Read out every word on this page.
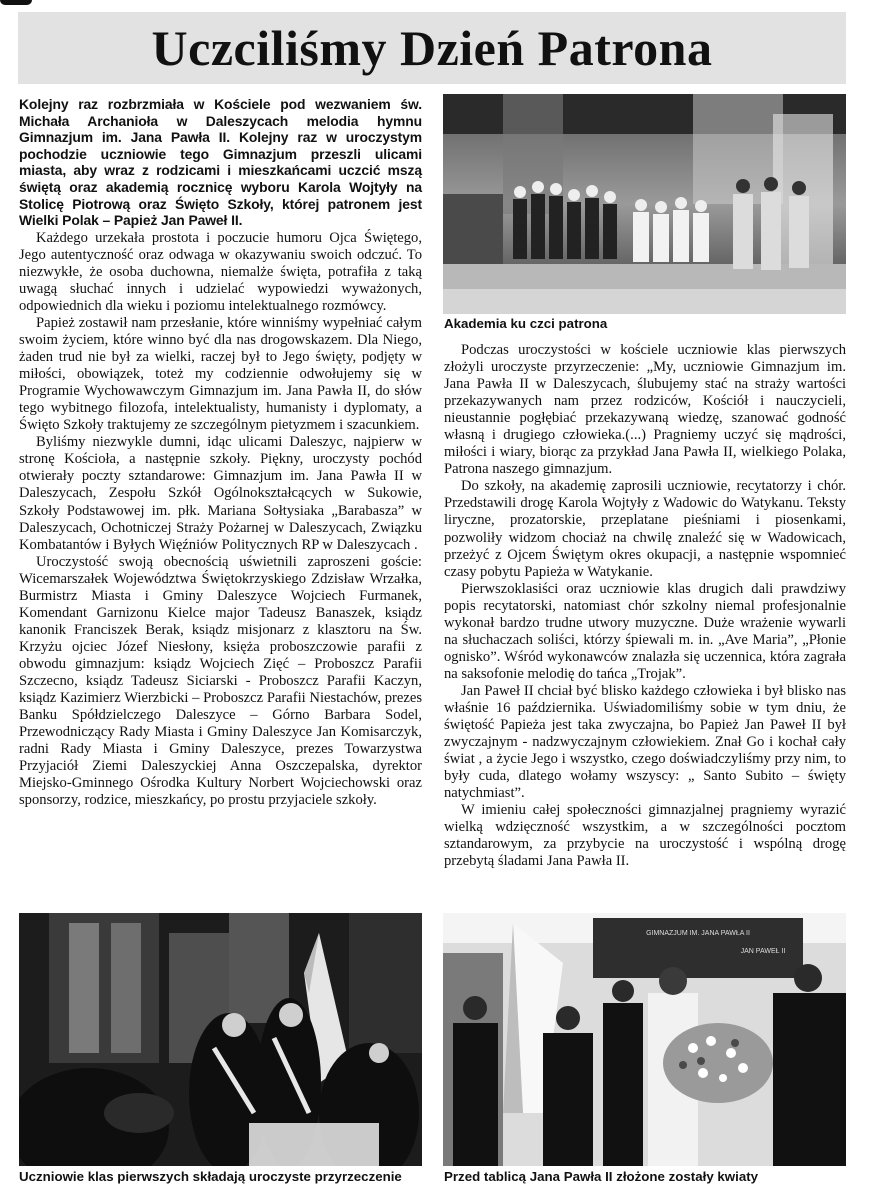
Uczciliśmy Dzień Patrona

Kolejny raz rozbrzmiała w Kościele pod wezwaniem św. Michała Archanioła w Daleszycach melodia hymnu Gimnazjum im. Jana Pawła II. Kolejny raz w uroczystym pochodzie uczniowie tego Gimnazjum przeszli ulicami miasta, aby wraz z rodzicami i mieszkańcami uczcić mszą świętą oraz akademią rocznicę wyboru Karola Wojtyły na Stolicę Piotrową oraz Święto Szkoły, której patronem jest Wielki Polak – Papież Jan Paweł II.

Każdego urzekała prostota i poczucie humoru Ojca Świętego, Jego autentyczność oraz odwaga w okazywaniu swoich odczuć. To niezwykłe, że osoba duchowna, niemalże święta, potrafiła z taką uwagą słuchać innych i udzielać wypowiedzi wyważonych, odpowiednich dla wieku i poziomu intelektualnego rozmówcy.

Papież zostawił nam przesłanie, które winniśmy wypełniać całym swoim życiem, które winno być dla nas drogowskazem. Dla Niego, żaden trud nie był za wielki, raczej był to Jego święty, podjęty w miłości, obowiązek, toteż my codziennie odwołujemy się w Programie Wychowawczym Gimnazjum im. Jana Pawła II, do słów tego wybitnego filozofa, intelektualisty, humanisty i dyplomaty, a Święto Szkoły traktujemy ze szczególnym pietyzmem i szacunkiem.

Byliśmy niezwykle dumni, idąc ulicami Daleszyc, najpierw w stronę Kościoła, a następnie szkoły. Piękny, uroczysty pochód otwierały poczty sztandarowe: Gimnazjum im. Jana Pawła II w Daleszycach, Zespołu Szkół Ogólnokształcących w Sukowie, Szkoły Podstawowej im. płk. Mariana Sołtysiaka „Barabasza” w Daleszycach, Ochotniczej Straży Pożarnej w Daleszycach, Związku Kombatantów i Byłych Więźniów Politycznych RP w Daleszycach .

Uroczystość swoją obecnością uświetnili zaproszeni goście: Wicemarszałek Województwa Świętokrzyskiego Zdzisław Wrzałka, Burmistrz Miasta i Gminy Daleszyce Wojciech Furmanek, Komendant Garnizonu Kielce major Tadeusz Banaszek, ksiądz kanonik Franciszek Berak, ksiądz misjonarz z klasztoru na Św. Krzyżu ojciec Józef Niesłony, księża proboszczowie parafii z obwodu gimnazjum: ksiądz Wojciech Zięć – Proboszcz Parafii Szczecno, ksiądz Tadeusz Siciarski - Proboszcz Parafii Kaczyn, ksiądz Kazimierz Wierzbicki – Proboszcz Parafii Niestachów, prezes Banku Spółdzielczego Daleszyce – Górno Barbara Sodel, Przewodniczący Rady Miasta i Gminy Daleszyce Jan Komisarczyk, radni Rady Miasta i Gminy Daleszyce, prezes Towarzystwa Przyjaciół Ziemi Daleszyckiej Anna Oszczepalska, dyrektor Miejsko-Gminnego Ośrodka Kultury Norbert Wojciechowski oraz sponsorzy, rodzice, mieszkańcy, po prostu przyjaciele szkoły.

Podczas uroczystości w kościele uczniowie klas pierwszych złożyli uroczyste przyrzeczenie: „My, uczniowie Gimnazjum im. Jana Pawła II w Daleszycach, ślubujemy stać na straży wartości przekazywanych nam przez rodziców, Kościół i nauczycieli, nieustannie pogłębiać przekazywaną wiedzę, szanować godność własną i drugiego człowieka.(...) Pragniemy uczyć się mądrości, miłości i wiary, biorąc za przykład Jana Pawła II, wielkiego Polaka, Patrona naszego gimnazjum.

Do szkoły, na akademię zaprosili uczniowie, recytatorzy i chór. Przedstawili drogę Karola Wojtyły z Wadowic do Watykanu. Teksty liryczne, prozatorskie, przeplatane pieśniami i piosenkami, pozwoliły widzom chociaż na chwilę znaleźć się w Wadowicach, przeżyć z Ojcem Świętym okres okupacji, a następnie wspomnieć czasy pobytu Papieża w Watykanie.

Pierwszoklasiści oraz uczniowie klas drugich dali prawdziwy popis recytatorski, natomiast chór szkolny niemal profesjonalnie wykonał bardzo trudne utwory muzyczne. Duże wrażenie wywarli na słuchaczach soliści, którzy śpiewali m. in. „Ave Maria”, „Płonie ognisko”. Wśród wykonawców znalazła się uczennica, która zagrała na saksofonie melodię do tańca „Trojak”.

Jan Paweł II chciał być blisko każdego człowieka i był blisko nas właśnie 16 października. Uświadomiliśmy sobie w tym dniu, że świętość Papieża jest taka zwyczajna, bo Papież Jan Paweł II był zwyczajnym - nadzwyczajnym człowiekiem. Znał Go i kochał cały świat , a życie Jego i wszystko, czego doświadczyliśmy przy nim, to były cuda, dlatego wołamy wszyscy: „ Santo Subito – święty natychmiast”.

W imieniu całej społeczności gimnazjalnej pragniemy wyrazić wielką wdzięczność wszystkim, a w szczególności pocztom sztandarowym, za przybycie na uroczystość i wspólną drogę przebytą śladami Jana Pawła II.

Akademia ku czci patrona
Uczniowie klas pierwszych składają uroczyste przyrzeczenie
GIMNAZJUM IM. JANA PAWŁA II
JAN PAWEŁ II
Przed tablicą Jana Pawła II złożone zostały kwiaty
